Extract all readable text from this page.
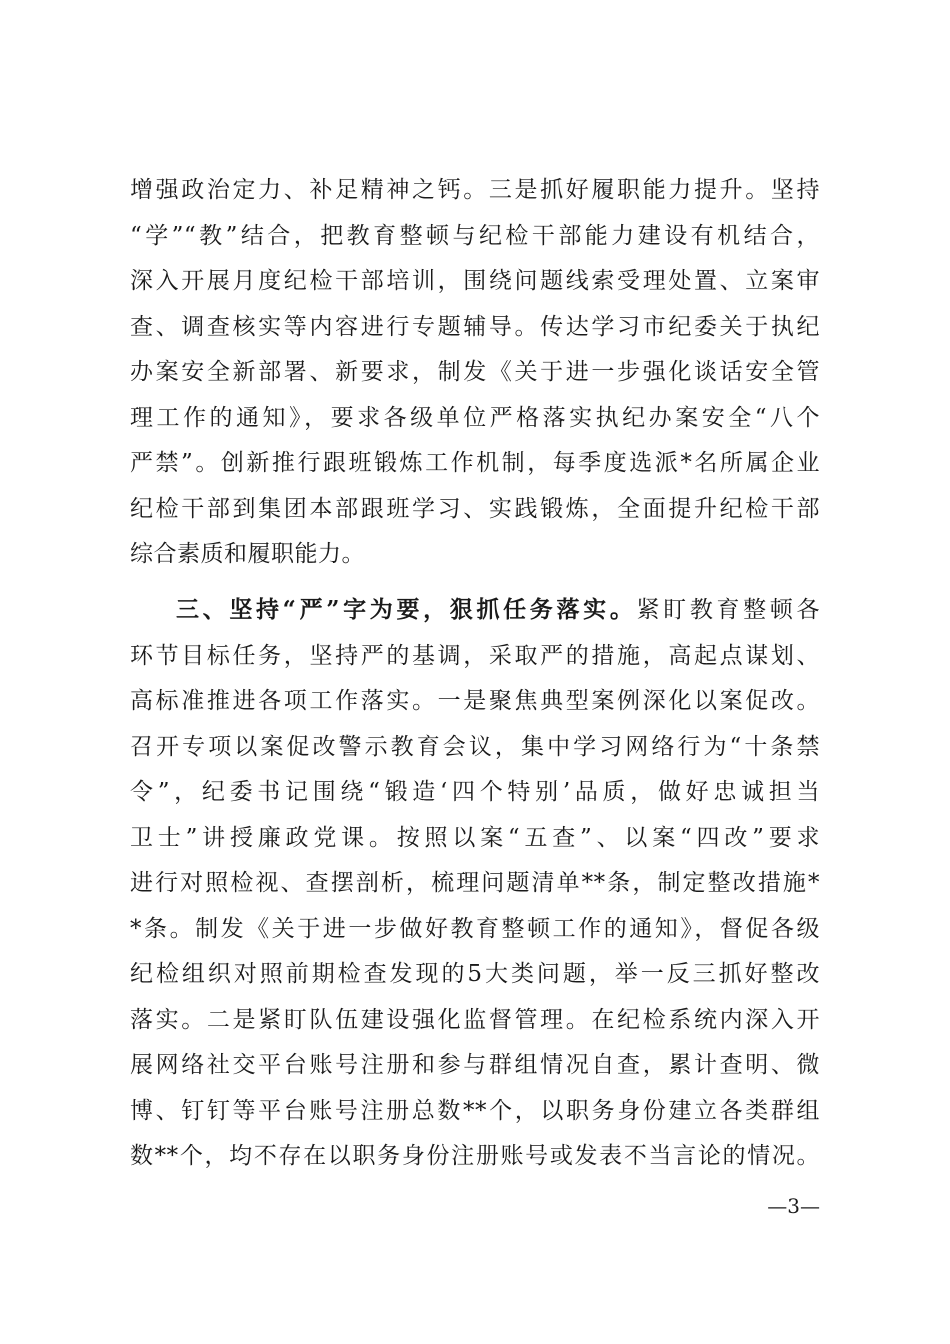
增强政治定力、补足精神之钙。三是抓好履职能力提升。坚持
“学”“教”结合，把教育整顿与纪检干部能力建设有机结合，
深入开展月度纪检干部培训，围绕问题线索受理处置、立案审
查、调查核实等内容进行专题辅导。传达学习市纪委关于执纪
办案安全新部署、新要求，制发《关于进一步强化谈话安全管
理工作的通知》，要求各级单位严格落实执纪办案安全“八个
严禁”。创新推行跟班锻炼工作机制，每季度选派*名所属企业
纪检干部到集团本部跟班学习、实践锻炼，全面提升纪检干部
综合素质和履职能力。
三、坚持“严”字为要，狠抓任务落实。紧盯教育整顿各
环节目标任务，坚持严的基调，采取严的措施，高起点谋划、
高标准推进各项工作落实。一是聚焦典型案例深化以案促改。
召开专项以案促改警示教育会议，集中学习网络行为“十条禁
令”，纪委书记围绕“锻造‘四个特别’品质，做好忠诚担当
卫士”讲授廉政党课。按照以案“五查”、以案“四改”要求
进行对照检视、查摆剖析，梳理问题清单**条，制定整改措施*
*条。制发《关于进一步做好教育整顿工作的通知》，督促各级
纪检组织对照前期检查发现的5大类问题，举一反三抓好整改
落实。二是紧盯队伍建设强化监督管理。在纪检系统内深入开
展网络社交平台账号注册和参与群组情况自查，累计查明、微
博、钉钉等平台账号注册总数**个，以职务身份建立各类群组
数**个，均不存在以职务身份注册账号或发表不当言论的情况。
—3—
